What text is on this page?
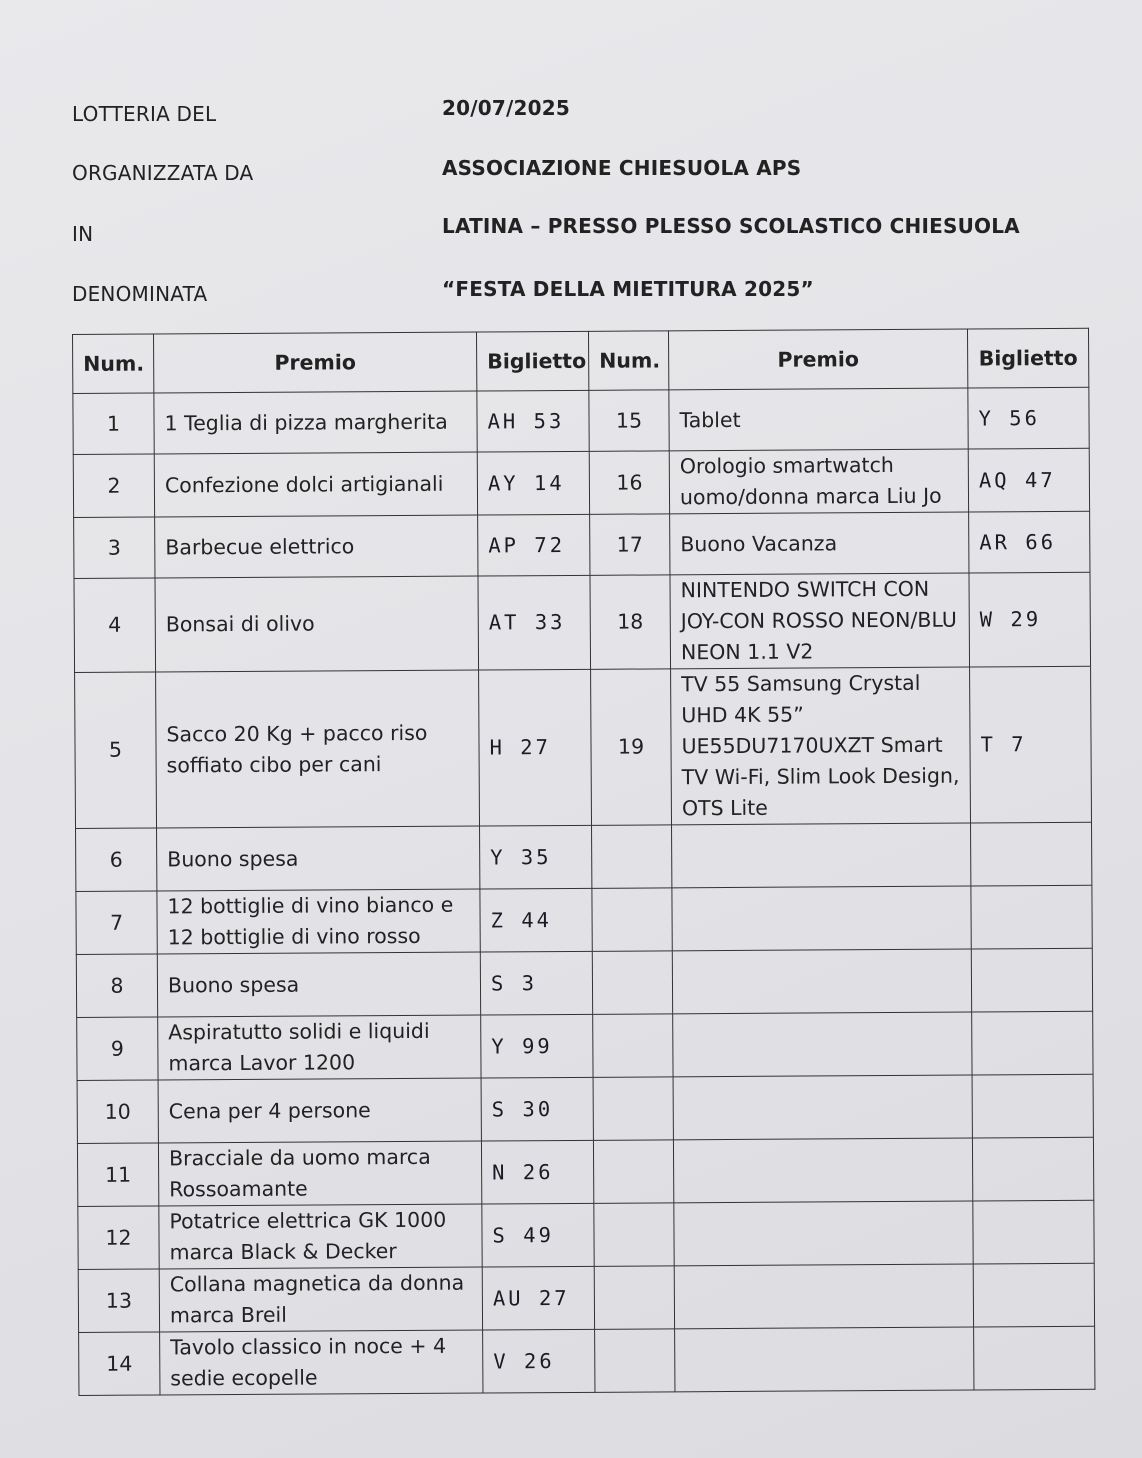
LOTTERIA DEL	20/07/2025
ORGANIZZATA DA	ASSOCIAZIONE CHIESUOLA APS
IN	LATINA – PRESSO PLESSO SCOLASTICO CHIESUOLA
DENOMINATA	“FESTA DELLA MIETITURA 2025”
Num.	Premio	Biglietto	Num.	Premio	Biglietto
1	1 Teglia di pizza margherita	AH 53	15	Tablet	Y 56
2	Confezione dolci artigianali	AY 14	16	Orologio smartwatch uomo/donna marca Liu Jo	AQ 47
3	Barbecue elettrico	AP 72	17	Buono Vacanza	AR 66
4	Bonsai di olivo	AT 33	18	NINTENDO SWITCH CON JOY-CON ROSSO NEON/BLU NEON 1.1 V2	W 29
5	Sacco 20 Kg + pacco riso soffiato cibo per cani	H 27	19	TV 55 Samsung Crystal UHD 4K 55” UE55DU7170UXZT Smart TV Wi-Fi, Slim Look Design, OTS Lite	T 7
6	Buono spesa	Y 35			
7	12 bottiglie di vino bianco e 12 bottiglie di vino rosso	Z 44			
8	Buono spesa	S 3			
9	Aspiratutto solidi e liquidi marca Lavor 1200	Y 99			
10	Cena per 4 persone	S 30			
11	Bracciale da uomo marca Rossoamante	N 26			
12	Potatrice elettrica GK 1000 marca Black & Decker	S 49			
13	Collana magnetica da donna marca Breil	AU 27			
14	Tavolo classico in noce + 4 sedie ecopelle	V 26			
